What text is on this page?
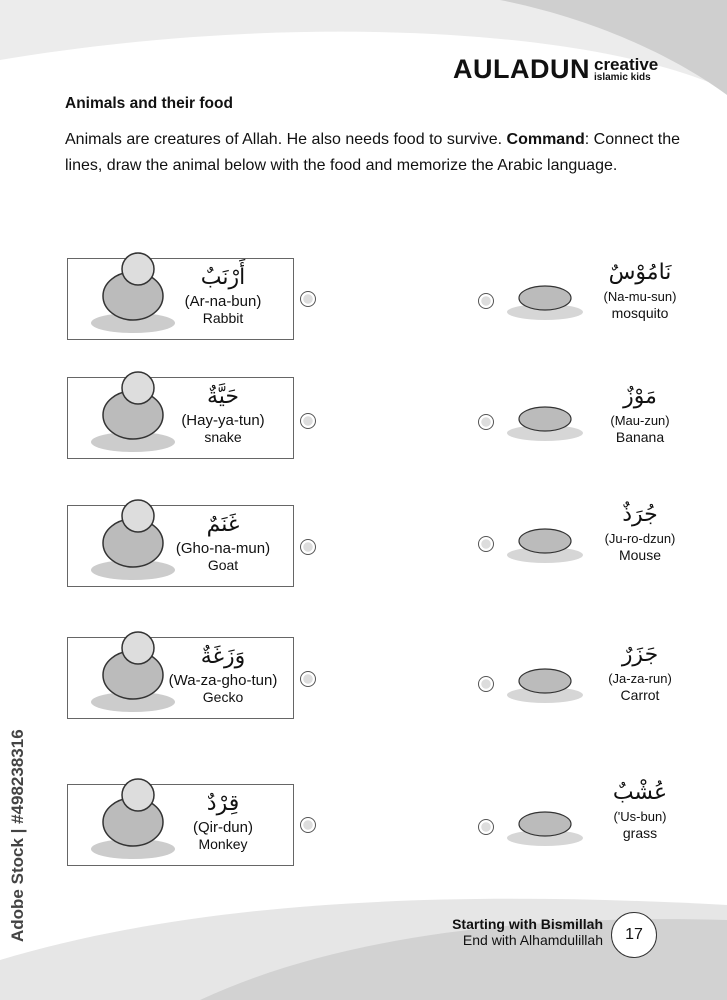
AULADUN creative
islamic kids
Animals and their food
Animals are creatures of Allah. He also needs food to survive. Command: Connect the lines, draw the animal below with the food and memorize the Arabic language.
أَرْنَبٌ
(Ar-na-bun)
Rabbit
حَيَّةٌ
(Hay-ya-tun)
snake
غَنَمٌ
(Gho-na-mun)
Goat
وَزَغَةٌ
(Wa-za-gho-tun)
Gecko
قِرْدٌ
(Qir-dun)
Monkey
نَامُوْسٌ
(Na-mu-sun)
mosquito
مَوْزٌ
(Mau-zun)
Banana
جُرَذٌ
(Ju-ro-dzun)
Mouse
جَزَرٌ
(Ja-za-run)
Carrot
عُشْبٌ
('Us-bun)
grass
Starting with Bismillah
End with Alhamdulillah	17
Adobe Stock | #498238316
